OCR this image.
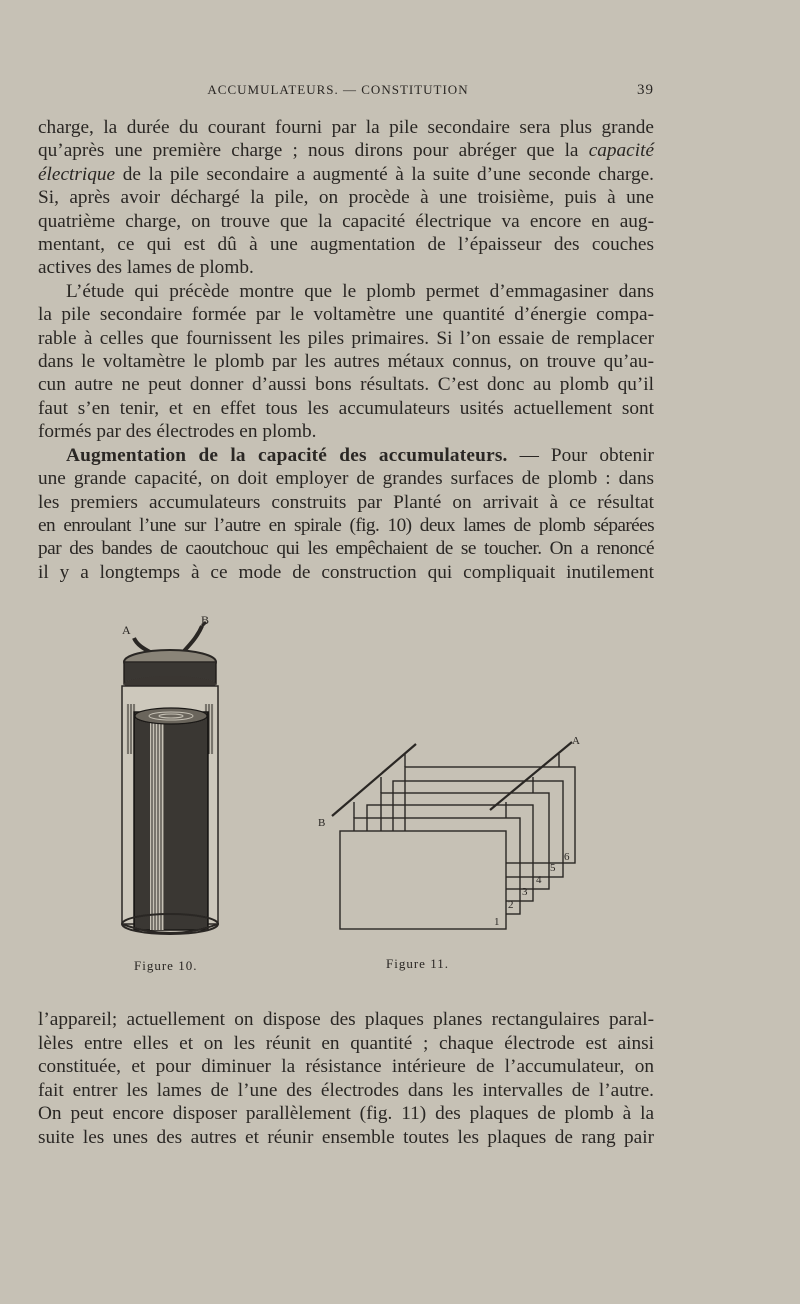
ACCUMULATEURS. — CONSTITUTION	39

charge, la durée du courant fourni par la pile secondaire sera plus grande
qu’après une première charge ; nous dirons pour abréger que la capacité
électrique de la pile secondaire a augmenté à la suite d’une seconde charge.
Si, après avoir déchargé la pile, on procède à une troisième, puis à une
quatrième charge, on trouve que la capacité électrique va encore en aug-
mentant, ce qui est dû à une augmentation de l’épaisseur des couches
actives des lames de plomb.

L’étude qui précède montre que le plomb permet d’emmagasiner dans
la pile secondaire formée par le voltamètre une quantité d’énergie compa-
rable à celles que fournissent les piles primaires. Si l’on essaie de remplacer
dans le voltamètre le plomb par les autres métaux connus, on trouve qu’au-
cun autre ne peut donner d’aussi bons résultats. C’est donc au plomb qu’il
faut s’en tenir, et en effet tous les accumulateurs usités actuellement sont
formés par des électrodes en plomb.

Augmentation de la capacité des accumulateurs. — Pour obtenir
une grande capacité, on doit employer de grandes surfaces de plomb : dans
les premiers accumulateurs construits par Planté on arrivait à ce résultat
en enroulant l’une sur l’autre en spirale (fig. 10) deux lames de plomb séparées
par des bandes de caoutchouc qui les empêchaient de se toucher. On a renoncé
il y a longtemps à ce mode de construction qui compliquait inutilement

A
B
B
A
1
2
3
4
5
6
Figure 10.	Figure 11.

l’appareil; actuellement on dispose des plaques planes rectangulaires paral-
lèles entre elles et on les réunit en quantité ; chaque électrode est ainsi
constituée, et pour diminuer la résistance intérieure de l’accumulateur, on
fait entrer les lames de l’une des électrodes dans les intervalles de l’autre.
On peut encore disposer parallèlement (fig. 11) des plaques de plomb à la
suite les unes des autres et réunir ensemble toutes les plaques de rang pair
